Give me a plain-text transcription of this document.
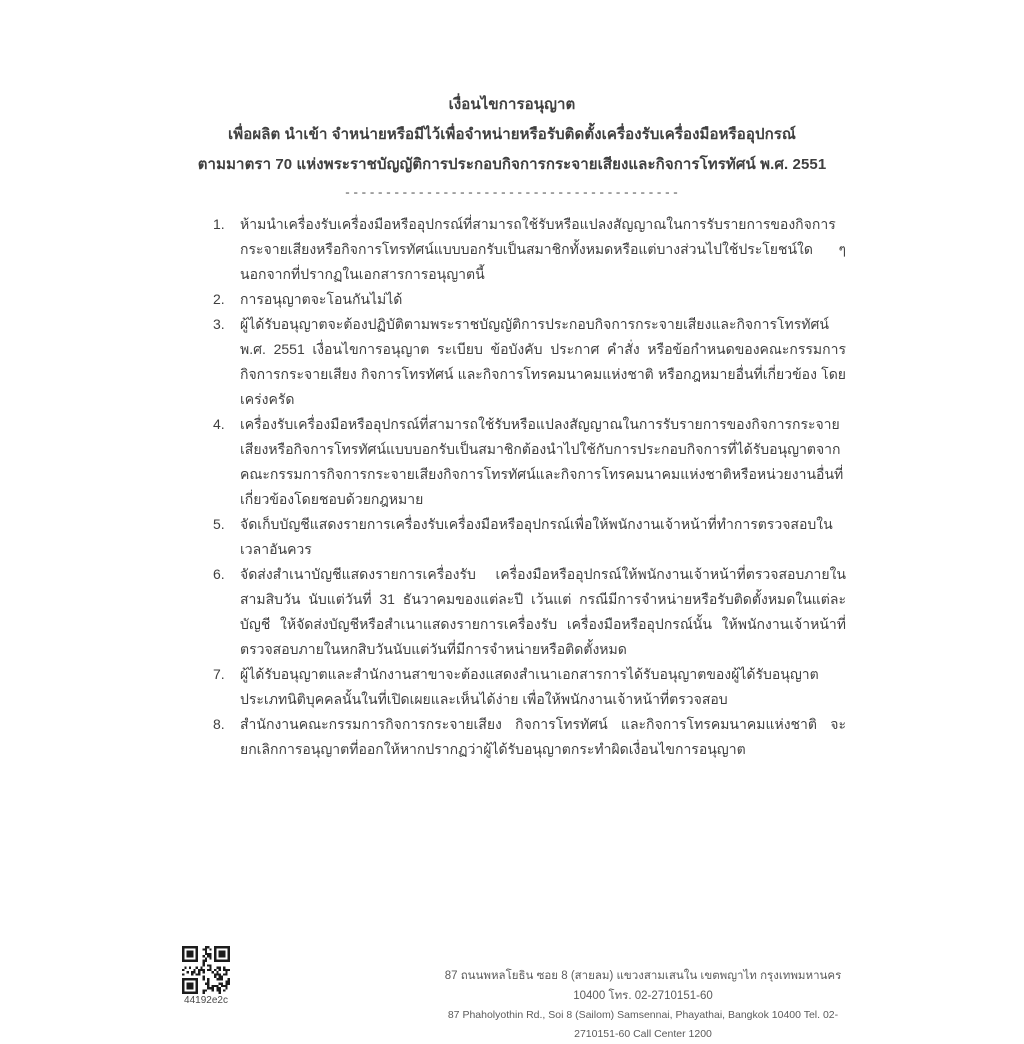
เงื่อนไขการอนุญาต
เพื่อผลิต นำเข้า จำหน่ายหรือมีไว้เพื่อจำหน่ายหรือรับติดตั้งเครื่องรับเครื่องมือหรืออุปกรณ์
ตามมาตรา 70 แห่งพระราชบัญญัติการประกอบกิจการกระจายเสียงและกิจการโทรทัศน์ พ.ศ. 2551
-----------------------------------------
1.	ห้ามนำเครื่องรับเครื่องมือหรืออุปกรณ์ที่สามารถใช้รับหรือแปลงสัญญาณในการรับรายการของกิจการกระจายเสียงหรือกิจการโทรทัศน์แบบบอกรับเป็นสมาชิกทั้งหมดหรือแต่บางส่วนไปใช้ประโยชน์ใด ๆ นอกจากที่ปรากฏในเอกสารการอนุญาตนี้
2.	การอนุญาตจะโอนกันไม่ได้
3.	ผู้ได้รับอนุญาตจะต้องปฏิบัติตามพระราชบัญญัติการประกอบกิจการกระจายเสียงและกิจการโทรทัศน์ พ.ศ. 2551 เงื่อนไขการอนุญาต ระเบียบ ข้อบังคับ ประกาศ คำสั่ง หรือข้อกำหนดของคณะกรรมการกิจการกระจายเสียง กิจการโทรทัศน์ และกิจการโทรคมนาคมแห่งชาติ หรือกฎหมายอื่นที่เกี่ยวข้อง โดยเคร่งครัด
4.	เครื่องรับเครื่องมือหรืออุปกรณ์ที่สามารถใช้รับหรือแปลงสัญญาณในการรับรายการของกิจการกระจายเสียงหรือกิจการโทรทัศน์แบบบอกรับเป็นสมาชิกต้องนำไปใช้กับการประกอบกิจการที่ได้รับอนุญาตจากคณะกรรมการกิจการกระจายเสียงกิจการโทรทัศน์และกิจการโทรคมนาคมแห่งชาติหรือหน่วยงานอื่นที่เกี่ยวข้องโดยชอบด้วยกฎหมาย
5.	จัดเก็บบัญชีแสดงรายการเครื่องรับเครื่องมือหรืออุปกรณ์เพื่อให้พนักงานเจ้าหน้าที่ทำการตรวจสอบในเวลาอันควร
6.	จัดส่งสำเนาบัญชีแสดงรายการเครื่องรับ เครื่องมือหรืออุปกรณ์ให้พนักงานเจ้าหน้าที่ตรวจสอบภายในสามสิบวัน นับแต่วันที่ 31 ธันวาคมของแต่ละปี เว้นแต่ กรณีมีการจำหน่ายหรือรับติดตั้งหมดในแต่ละบัญชี ให้จัดส่งบัญชีหรือสำเนาแสดงรายการเครื่องรับ เครื่องมือหรืออุปกรณ์นั้น ให้พนักงานเจ้าหน้าที่ตรวจสอบภายในหกสิบวันนับแต่วันที่มีการจำหน่ายหรือติดตั้งหมด
7.	ผู้ได้รับอนุญาตและสำนักงานสาขาจะต้องแสดงสำเนาเอกสารการได้รับอนุญาตของผู้ได้รับอนุญาตประเภทนิติบุคคลนั้นในที่เปิดเผยและเห็นได้ง่าย เพื่อให้พนักงานเจ้าหน้าที่ตรวจสอบ
8.	สำนักงานคณะกรรมการกิจการกระจายเสียง กิจการโทรทัศน์ และกิจการโทรคมนาคมแห่งชาติ จะยกเลิกการอนุญาตที่ออกให้หากปรากฏว่าผู้ได้รับอนุญาตกระทำผิดเงื่อนไขการอนุญาต
44192e2c
87 ถนนพหลโยธิน ซอย 8 (สายลม) แขวงสามเสนใน เขตพญาไท กรุงเทพมหานคร 10400 โทร. 02-2710151-60
87 Phaholyothin Rd., Soi 8 (Sailom) Samsennai, Phayathai, Bangkok 10400 Tel. 02-2710151-60 Call Center 1200
